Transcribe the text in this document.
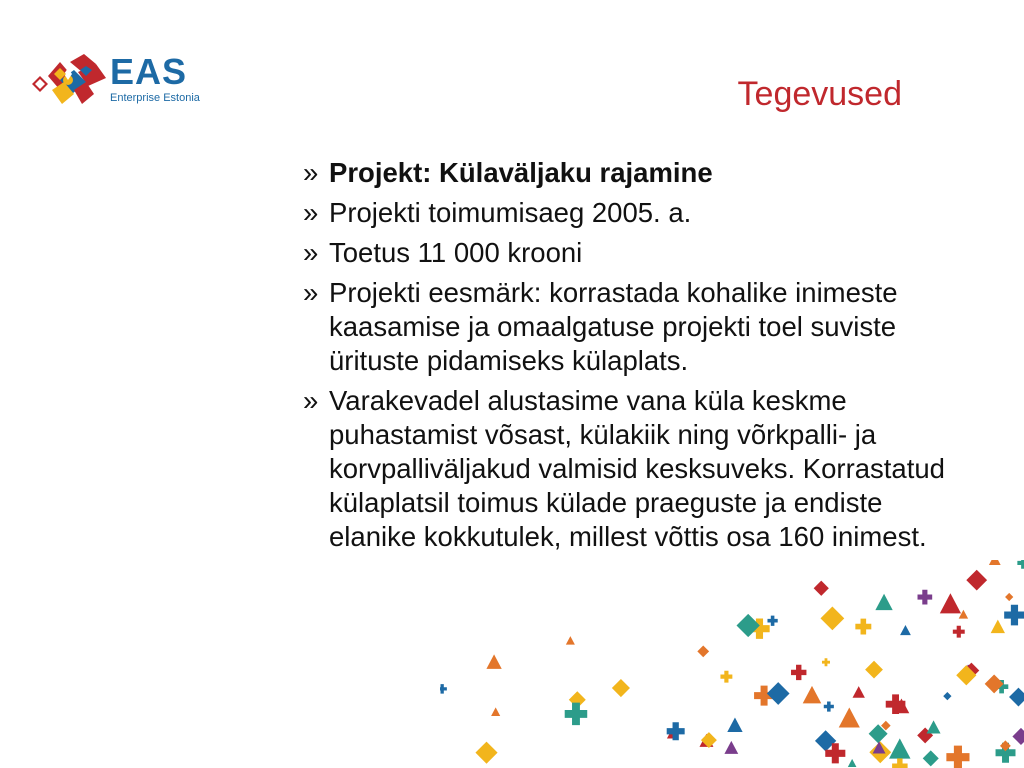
EAS
Enterprise Estonia	Tegevused
» Projekt: Külaväljaku rajamine
» Projekti toimumisaeg 2005. a.
» Toetus 11 000 krooni
» Projekti eesmärk: korrastada kohalike inimeste kaasamise ja omaalgatuse projekti toel suviste ürituste pidamiseks külaplats.
» Varakevadel alustasime vana küla keskme puhastamist võsast, külakiik ning võrkpalli- ja korvpalliväljakud valmisid kesksuveks. Korrastatud külaplatsil toimus külade praeguste ja endiste elanike kokkutulek, millest võttis osa 160 inimest.
